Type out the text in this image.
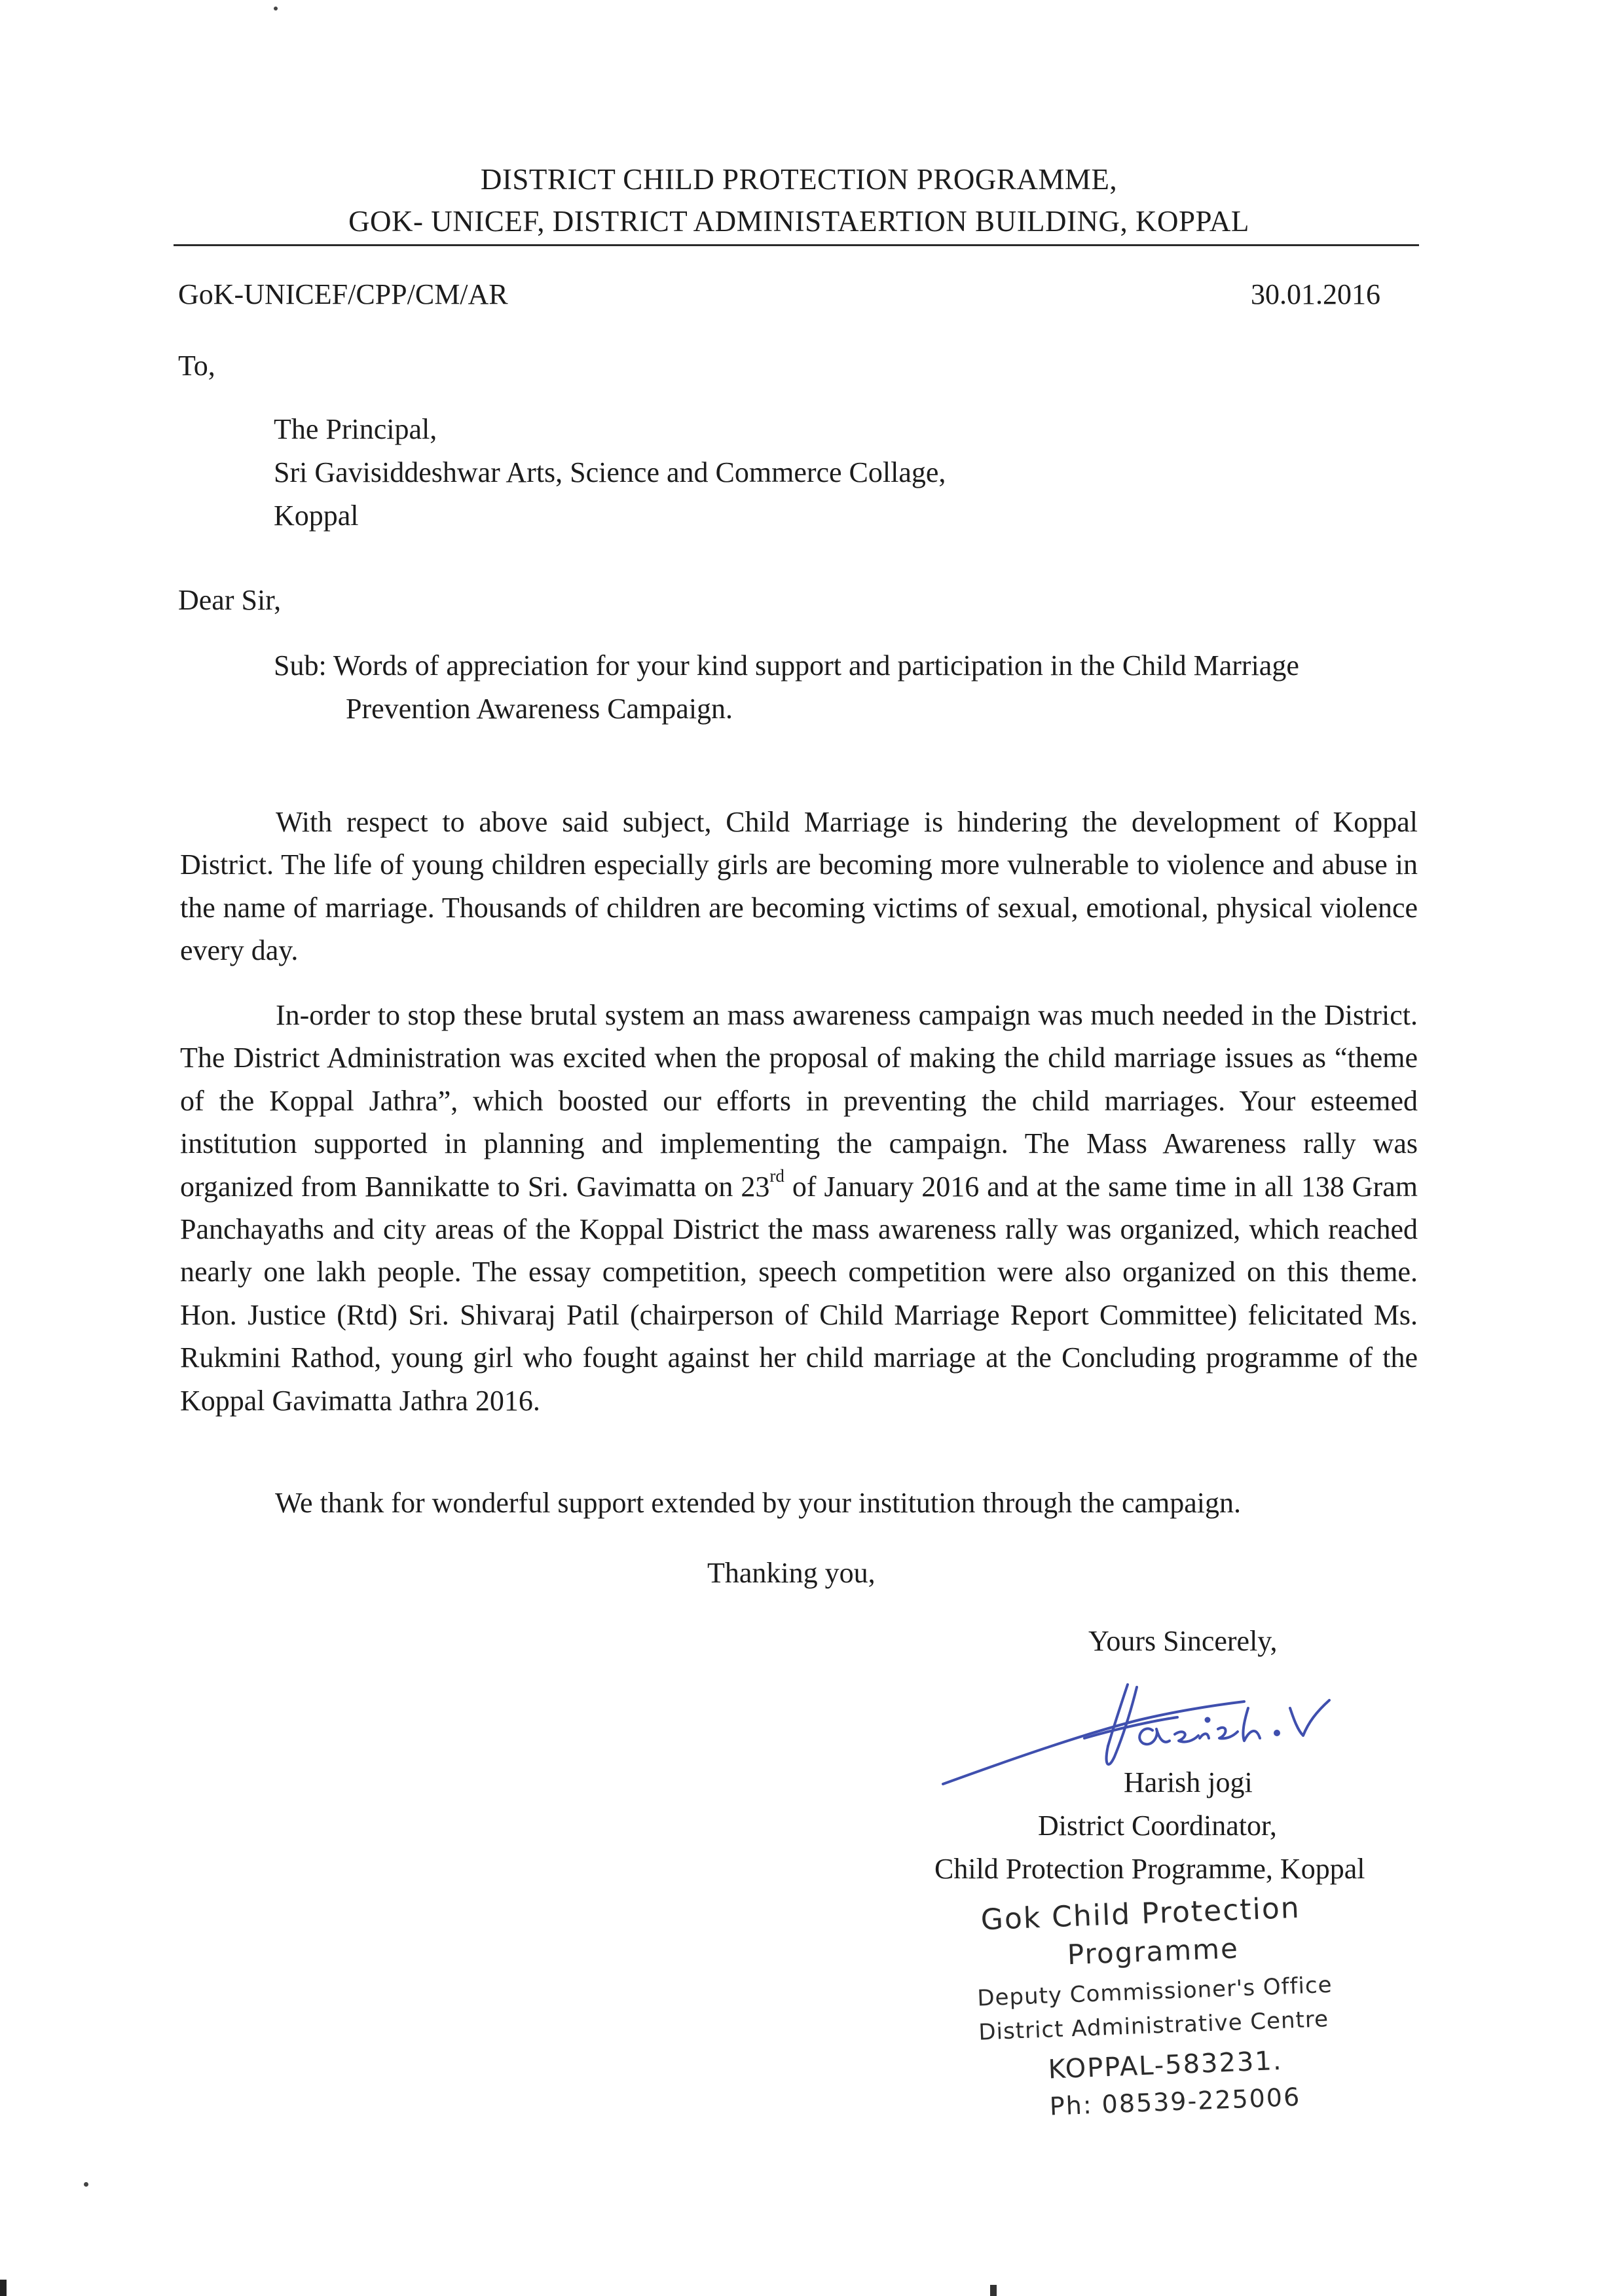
DISTRICT CHILD PROTECTION PROGRAMME,
GOK- UNICEF, DISTRICT ADMINISTAERTION BUILDING, KOPPAL
GoK-UNICEF/CPP/CM/AR	30.01.2016
To,
The Principal,
Sri Gavisiddeshwar Arts, Science and Commerce Collage,
Koppal
Dear Sir,
Sub: Words of appreciation for your kind support and participation in the Child Marriage
Prevention Awareness Campaign.

With respect to above said subject, Child Marriage is hindering the development of Koppal District. The life of young children especially girls are becoming more vulnerable to violence and abuse in the name of marriage. Thousands of children are becoming victims of sexual, emotional, physical violence every day.

In-order to stop these brutal system an mass awareness campaign was much needed in the District. The District Administration was excited when the proposal of making the child marriage issues as “theme of the Koppal Jathra”, which boosted our efforts in preventing the child marriages. Your esteemed institution supported in planning and implementing the campaign. The Mass Awareness rally was organized from Bannikatte to Sri. Gavimatta on 23rd of January 2016 and at the same time in all 138 Gram Panchayaths and city areas of the Koppal District the mass awareness rally was organized, which reached nearly one lakh people. The essay competition, speech competition were also organized on this theme. Hon. Justice (Rtd) Sri. Shivaraj Patil (chairperson of Child Marriage Report Committee) felicitated Ms. Rukmini Rathod, young girl who fought against her child marriage at the Concluding programme of the Koppal Gavimatta Jathra 2016.

We thank for wonderful support extended by your institution through the campaign.
Thanking you,
Yours Sincerely,
Harish jogi
District Coordinator,
Child Protection Programme, Koppal
Gok Child Protection
Programme
Deputy Commissioner's Office
District Administrative Centre
KOPPAL-583231.
Ph: 08539-225006
